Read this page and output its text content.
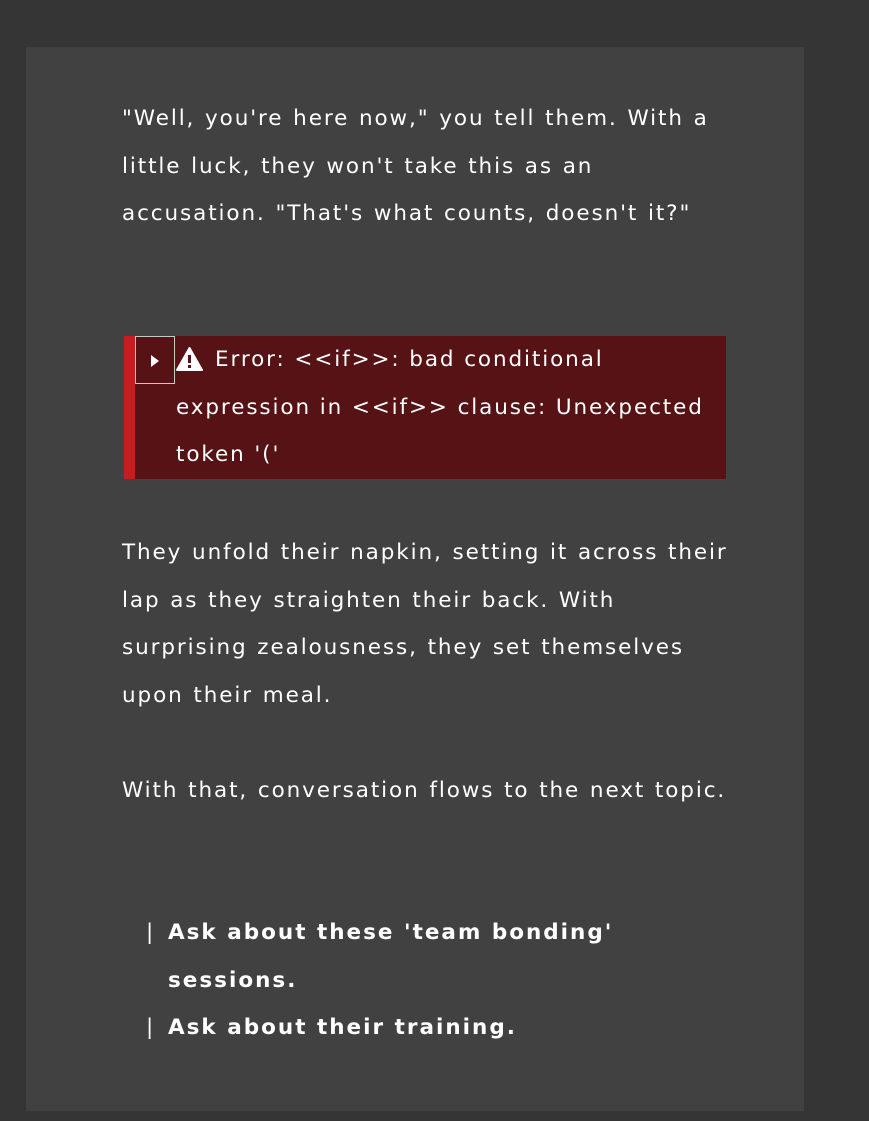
"Well, you're here now," you tell them. With a little luck, they won't take this as an accusation. "That's what counts, doesn't it?"

Error: <<if>>: bad conditional expression in <<if>> clause: Unexpected token '('

They unfold their napkin, setting it across their lap as they straighten their back. With surprising zealousness, they set themselves upon their meal.

With that, conversation flows to the next topic.

| Ask about these 'team bonding' sessions.
| Ask about their training.
